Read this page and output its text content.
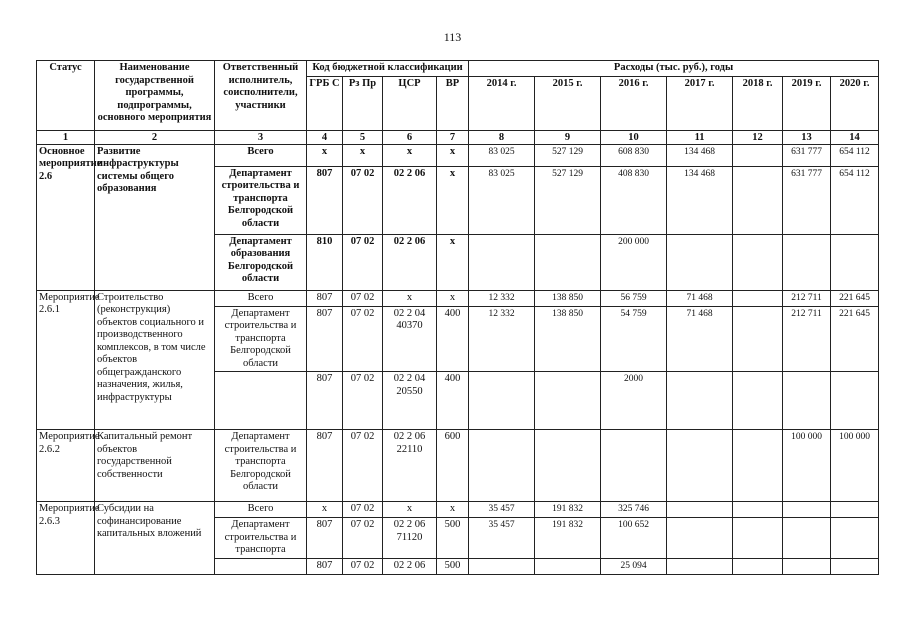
113
Статус	Наименование государственной программы, подпрограммы, основного мероприятия	Ответственный исполнитель, соисполнители, участники	Код бюджетной классификации				Расходы (тыс. руб.), годы						
			ГРБ С	Рз Пр	ЦСР	ВР	2014 г.	2015 г.	2016 г.	2017 г.	2018 г.	2019 г.	2020 г.
1	2	3	4	5	6	7	8	9	10	11	12	13	14
Основное мероприятие 2.6	Развитие инфраструктуры системы общего образования	Всего	x	x	x	x	83 025	527 129	608 830	134 468		631 777	654 112
		Департамент строительства и транспорта Белгородской области	807	07 02	02 2 06	x	83 025	527 129	408 830	134 468		631 777	654 112
		Департамент образования Белгородской области	810	07 02	02 2 06	x			200 000				
Мероприятие 2.6.1	Строительство (реконструкция) объектов социального и производственного комплексов, в том числе объектов общегражданского назначения, жилья, инфраструктуры	Всего	807	07 02	x	x	12 332	138 850	56 759	71 468		212 711	221 645
		Департамент строительства и транспорта Белгородской области	807	07 02	02 2 04 40370	400	12 332	138 850	54 759	71 468		212 711	221 645
			807	07 02	02 2 04 20550	400			2000				
Мероприятие 2.6.2	Капитальный ремонт объектов государственной собственности	Департамент строительства и транспорта Белгородской области	807	07 02	02 2 06 22110	600						100 000	100 000
Мероприятие 2.6.3	Субсидии на софинансирование капитальных вложений	Всего	x	07 02	x	x	35 457	191 832	325 746				
		Департамент строительства и транспорта	807	07 02	02 2 06 71120	500	35 457	191 832	100 652				
			807	07 02	02 2 06	500			25 094				
